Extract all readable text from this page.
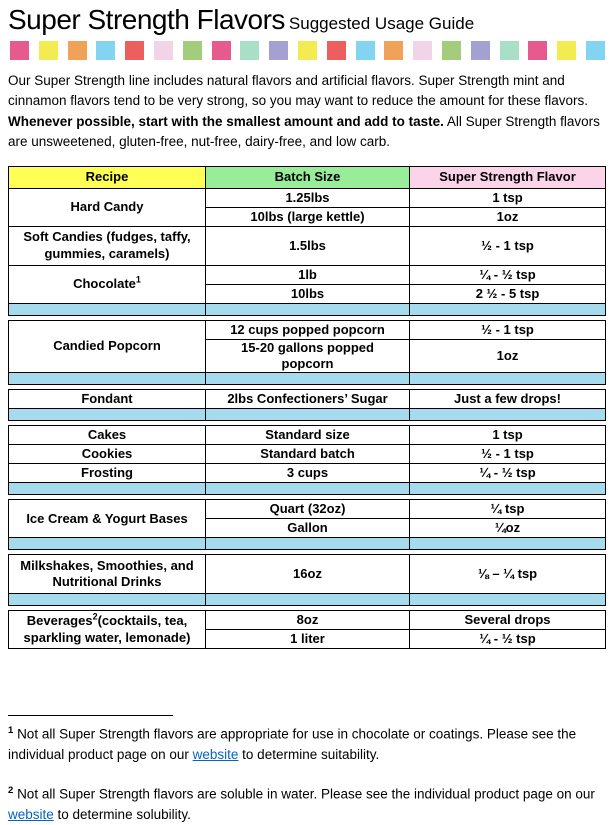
Super Strength Flavors Suggested Usage Guide

Our Super Strength line includes natural flavors and artificial flavors. Super Strength mint and cinnamon flavors tend to be very strong, so you may want to reduce the amount for these flavors. Whenever possible, start with the smallest amount and add to taste. All Super Strength flavors are unsweetened, gluten-free, nut-free, dairy-free, and low carb.

Recipe	Batch Size	Super Strength Flavor
Hard Candy	1.25lbs	1 tsp
	10lbs (large kettle)	1oz
Soft Candies (fudges, taffy, gummies, caramels)	1.5lbs	½ - 1 tsp
Chocolate$^1$	1lb	¼ - ½ tsp
	10lbs	2 ½ - 5 tsp

Candied Popcorn	12 cups popped popcorn	½ - 1 tsp
	15-20 gallons popped popcorn	1oz

Fondant	2lbs Confectioners’ Sugar	Just a few drops!

Cakes	Standard size	1 tsp
Cookies	Standard batch	½ - 1 tsp
Frosting	3 cups	¼ - ½ tsp

Ice Cream & Yogurt Bases	Quart (32oz)	¼ tsp
	Gallon	¼oz

Milkshakes, Smoothies, and Nutritional Drinks	16oz	⅛ – ¼ tsp

Beverages$^2$(cocktails, tea, sparkling water, lemonade)	8oz	Several drops
	1 liter	¼ - ½ tsp

$^1$ Not all Super Strength flavors are appropriate for use in chocolate or coatings. Please see the individual product page on our website to determine suitability.

$^2$ Not all Super Strength flavors are soluble in water. Please see the individual product page on our website to determine solubility.
